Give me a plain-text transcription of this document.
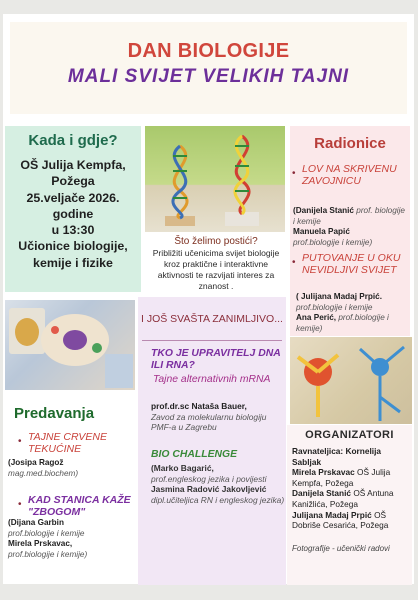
DAN BIOLOGIJE
MALI SVIJET VELIKIH TAJNI
Kada i gdje?
OŠ Julija Kempfa,
Požega
25.veljače 2026.
godine
u 13:30
Učionice biologije,
kemije i fizike
Što želimo postići?
Približiti učenicima svijet biologije kroz praktične i interaktivne aktivnosti te razvijati interes za znanost .
Radionice
• LOV NA SKRIVENU ZAVOJNICU
(Danijela Stanić prof. biologije i kemije
Manuela Papić
prof.biologije i kemije)
• PUTOVANJE U OKU NEVIDLJIVI SVIJET
( Julijana Madaj Prpić. prof.biologije i kemije
Ana Perić, prof.biologije i kemije)
I JOŠ SVAŠTA ZANIMLJIVO...
TKO JE UPRAVITELJ DNA ILI RNA?
Tajne alternativnih mRNA
prof.dr.sc Nataša Bauer,
Zavod za molekularnu biologiju PMF-a u Zagrebu
BIO CHALLENGE
(Marko Bagarić,
prof.engleskog jezika i povijesti
Jasmina Radović Jakovljević
dipl.učiteljica RN i engleskog jezika)
Predavanja
• TAJNE CRVENE TEKUĆINE
(Josipa Ragož
mag.med.biochem)
• KAD STANICA KAŽE "ZBOGOM"
(Dijana Garbin
prof.biologije i kemije
Mirela Prskavac,
prof.biologije i kemije)
ORGANIZATORI
Ravnateljica: Kornelija Sabljak
Mirela Prskavac OŠ Julija Kempfa, Požega
Danijela Stanić OŠ Antuna Kanižlića, Požega
Julijana Madaj Prpić OŠ Dobriše Cesarića, Požega
Fotografije - učenički radovi
